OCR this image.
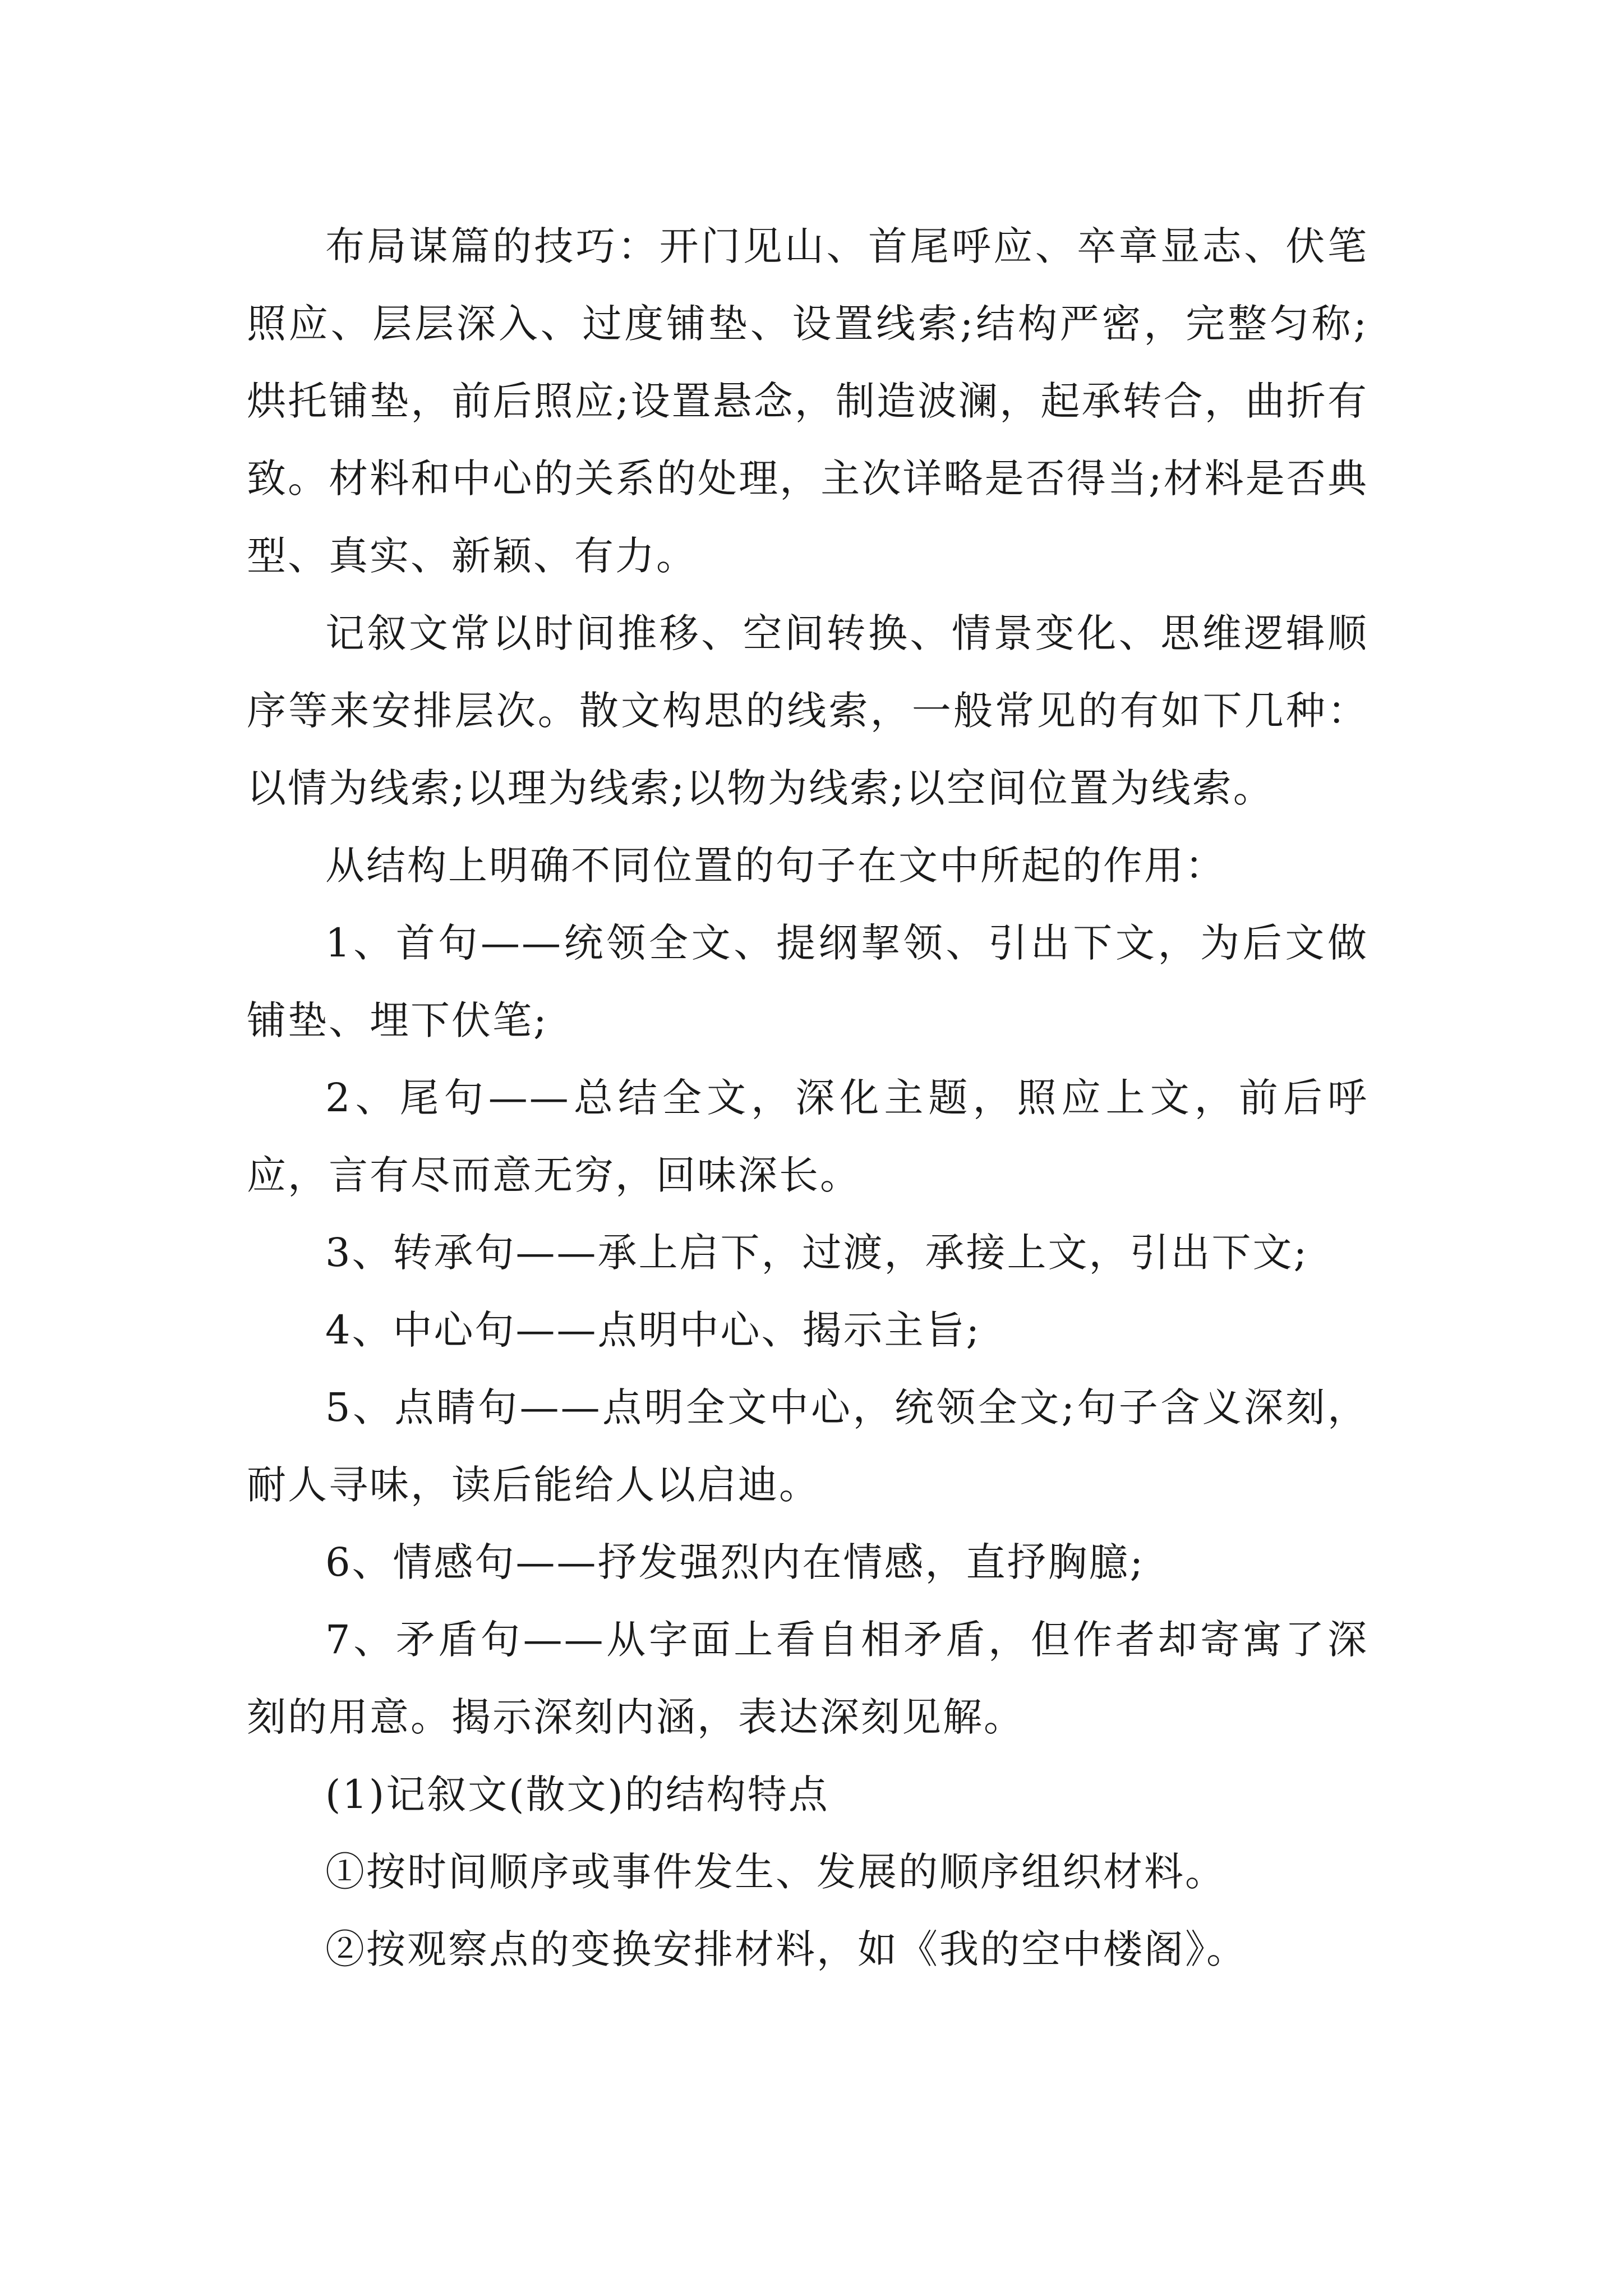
布局谋篇的技巧：开门见山、首尾呼应、卒章显志、伏笔照应、层层深入、过度铺垫、设置线索;结构严密，完整匀称;烘托铺垫，前后照应;设置悬念，制造波澜，起承转合，曲折有致。材料和中心的关系的处理，主次详略是否得当;材料是否典型、真实、新颖、有力。

记叙文常以时间推移、空间转换、情景变化、思维逻辑顺序等来安排层次。散文构思的线索，一般常见的有如下几种：以情为线索;以理为线索;以物为线索;以空间位置为线索。

从结构上明确不同位置的句子在文中所起的作用：

1、首句——统领全文、提纲挈领、引出下文，为后文做铺垫、埋下伏笔;

2、尾句——总结全文，深化主题，照应上文，前后呼应，言有尽而意无穷，回味深长。

3、转承句——承上启下，过渡，承接上文，引出下文;

4、中心句——点明中心、揭示主旨;

5、点睛句——点明全文中心，统领全文;句子含义深刻，耐人寻味，读后能给人以启迪。

6、情感句——抒发强烈内在情感，直抒胸臆;

7、矛盾句——从字面上看自相矛盾，但作者却寄寓了深刻的用意。揭示深刻内涵，表达深刻见解。

(1)记叙文(散文)的结构特点

①按时间顺序或事件发生、发展的顺序组织材料。

②按观察点的变换安排材料，如《我的空中楼阁》。
